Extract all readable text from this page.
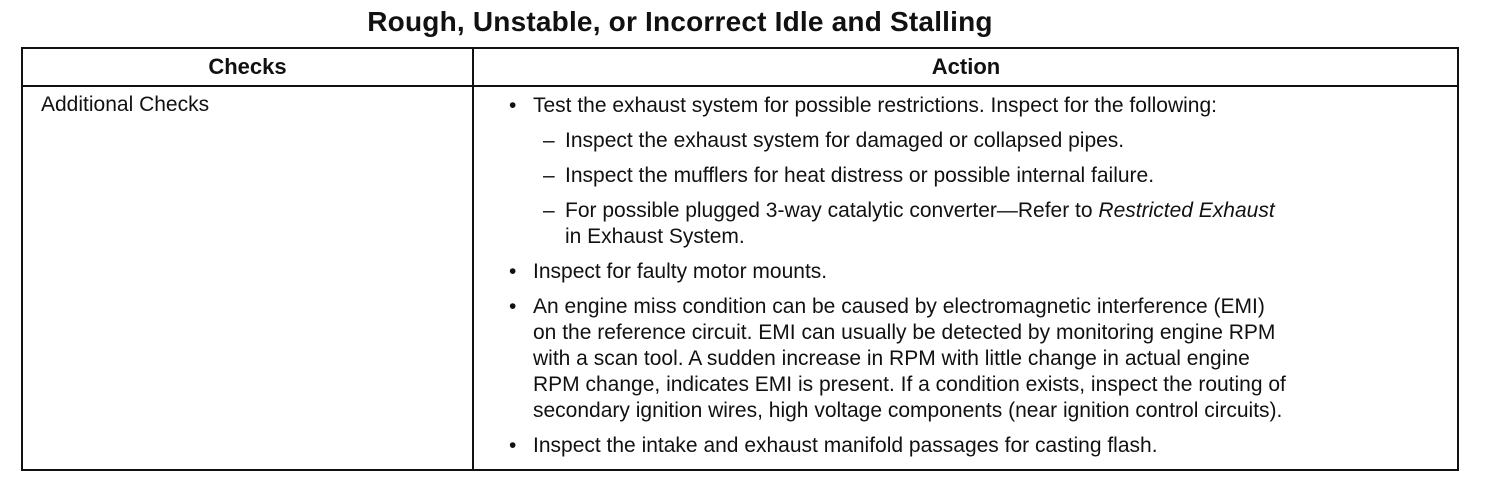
Rough, Unstable, or Incorrect Idle and Stalling
Checks	Action
Additional Checks	• Test the exhaust system for possible restrictions. Inspect for the following:
– Inspect the exhaust system for damaged or collapsed pipes.
– Inspect the mufflers for heat distress or possible internal failure.
– For possible plugged 3-way catalytic converter—Refer to Restricted Exhaust
in Exhaust System.
• Inspect for faulty motor mounts.
• An engine miss condition can be caused by electromagnetic interference (EMI)
on the reference circuit. EMI can usually be detected by monitoring engine RPM
with a scan tool. A sudden increase in RPM with little change in actual engine
RPM change, indicates EMI is present. If a condition exists, inspect the routing of
secondary ignition wires, high voltage components (near ignition control circuits).
• Inspect the intake and exhaust manifold passages for casting flash.
